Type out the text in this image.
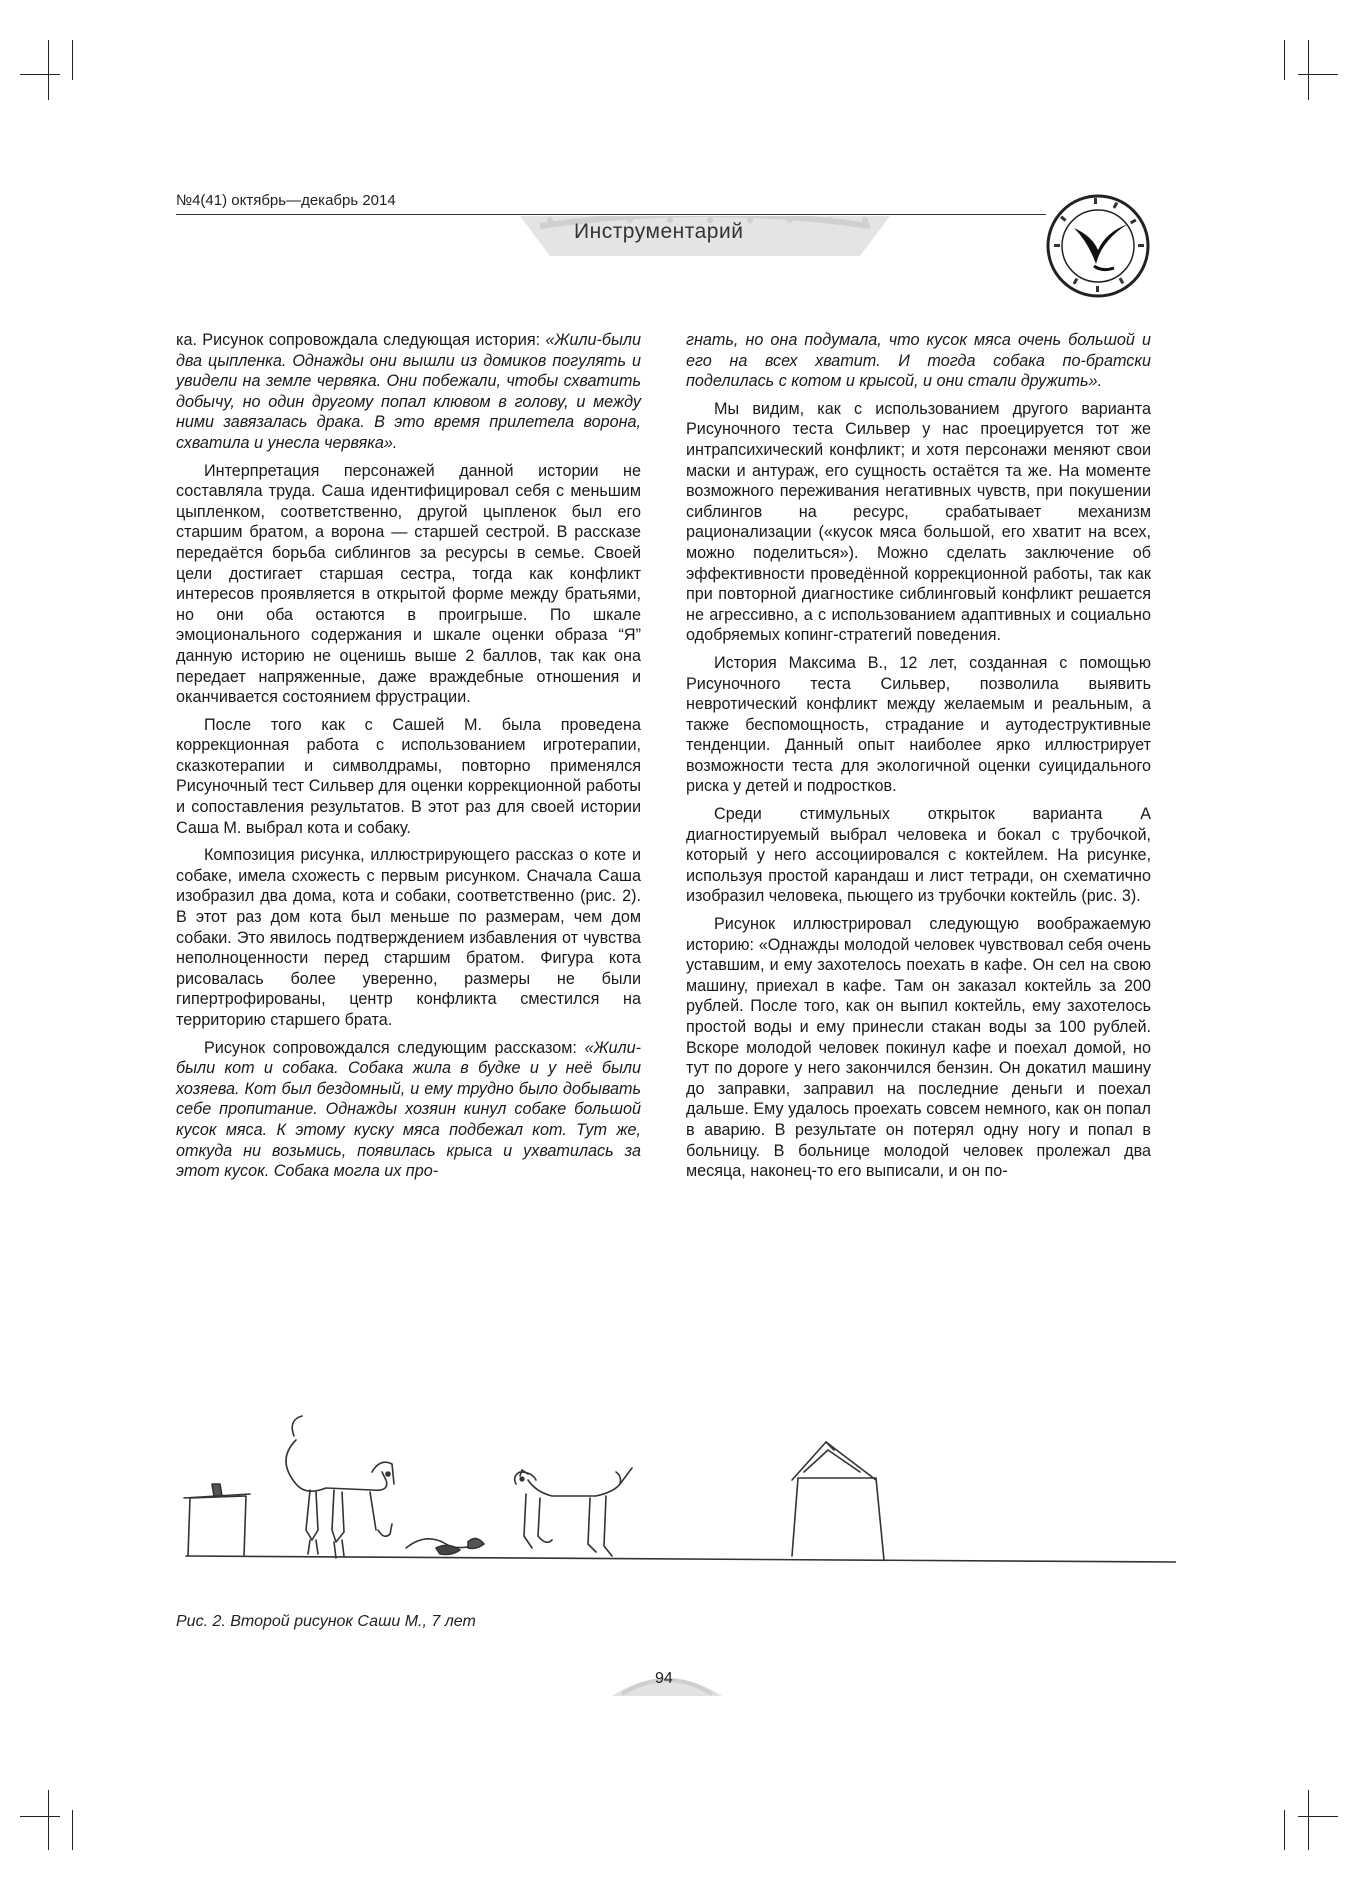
№4(41) октябрь—декабрь 2014
Инструментарий

ка. Рисунок сопровождала следующая история: «Жили-были два цыпленка. Однажды они вышли из домиков погулять и увидели на земле червяка. Они побежали, чтобы схватить добычу, но один другому попал клювом в голову, и между ними завязалась драка. В это время прилетела ворона, схватила и унесла червяка».

Интерпретация персонажей данной истории не составляла труда. Саша идентифицировал себя с меньшим цыпленком, соответственно, другой цыпленок был его старшим братом, а ворона — старшей сестрой. В рассказе передаётся борьба сиблингов за ресурсы в семье. Своей цели достигает старшая сестра, тогда как конфликт интересов проявляется в открытой форме между братьями, но они оба остаются в проигрыше. По шкале эмоционального содержания и шкале оценки образа “Я” данную историю не оценишь выше 2 баллов, так как она передает напряженные, даже враждебные отношения и оканчивается состоянием фрустрации.

После того как с Сашей М. была проведена коррекционная работа с использованием игротерапии, сказкотерапии и символдрамы, повторно применялся Рисуночный тест Сильвер для оценки коррекционной работы и сопоставления результатов. В этот раз для своей истории Саша М. выбрал кота и собаку.

Композиция рисунка, иллюстрирующего рассказ о коте и собаке, имела схожесть с первым рисунком. Сначала Саша изобразил два дома, кота и собаки, соответственно (рис. 2). В этот раз дом кота был меньше по размерам, чем дом собаки. Это явилось подтверждением избавления от чувства неполноценности перед старшим братом. Фигура кота рисовалась более уверенно, размеры не были гипертрофированы, центр конфликта сместился на территорию старшего брата.

Рисунок сопровождался следующим рассказом: «Жили-были кот и собака. Собака жила в будке и у неё были хозяева. Кот был бездомный, и ему трудно было добывать себе пропитание. Однажды хозяин кинул собаке большой кусок мяса. К этому куску мяса подбежал кот. Тут же, откуда ни возьмись, появилась крыса и ухватилась за этот кусок. Собака могла их про-

гнать, но она подумала, что кусок мяса очень большой и его на всех хватит. И тогда собака по-братски поделилась с котом и крысой, и они стали дружить».

Мы видим, как с использованием другого варианта Рисуночного теста Сильвер у нас проецируется тот же интрапсихический конфликт; и хотя персонажи меняют свои маски и антураж, его сущность остаётся та же. На моменте возможного переживания негативных чувств, при покушении сиблингов на ресурс, срабатывает механизм рационализации («кусок мяса большой, его хватит на всех, можно поделиться»). Можно сделать заключение об эффективности проведённой коррекционной работы, так как при повторной диагностике сиблинговый конфликт решается не агрессивно, а с использованием адаптивных и социально одобряемых копинг-стратегий поведения.

История Максима В., 12 лет, созданная с помощью Рисуночного теста Сильвер, позволила выявить невротический конфликт между желаемым и реальным, а также беспомощность, страдание и аутодеструктивные тенденции. Данный опыт наиболее ярко иллюстрирует возможности теста для экологичной оценки суицидального риска у детей и подростков.

Среди стимульных открыток варианта А диагностируемый выбрал человека и бокал с трубочкой, который у него ассоциировался с коктейлем. На рисунке, используя простой карандаш и лист тетради, он схематично изобразил человека, пьющего из трубочки коктейль (рис. 3).

Рисунок иллюстрировал следующую воображаемую историю: «Однажды молодой человек чувствовал себя очень уставшим, и ему захотелось поехать в кафе. Он сел на свою машину, приехал в кафе. Там он заказал коктейль за 200 рублей. После того, как он выпил коктейль, ему захотелось простой воды и ему принесли стакан воды за 100 рублей. Вскоре молодой человек покинул кафе и поехал домой, но тут по дороге у него закончился бензин. Он докатил машину до заправки, заправил на последние деньги и поехал дальше. Ему удалось проехать совсем немного, как он попал в аварию. В результате он потерял одну ногу и попал в больницу. В больнице молодой человек пролежал два месяца, наконец-то его выписали, и он по-

Рис. 2. Второй рисунок Саши М., 7 лет
94
